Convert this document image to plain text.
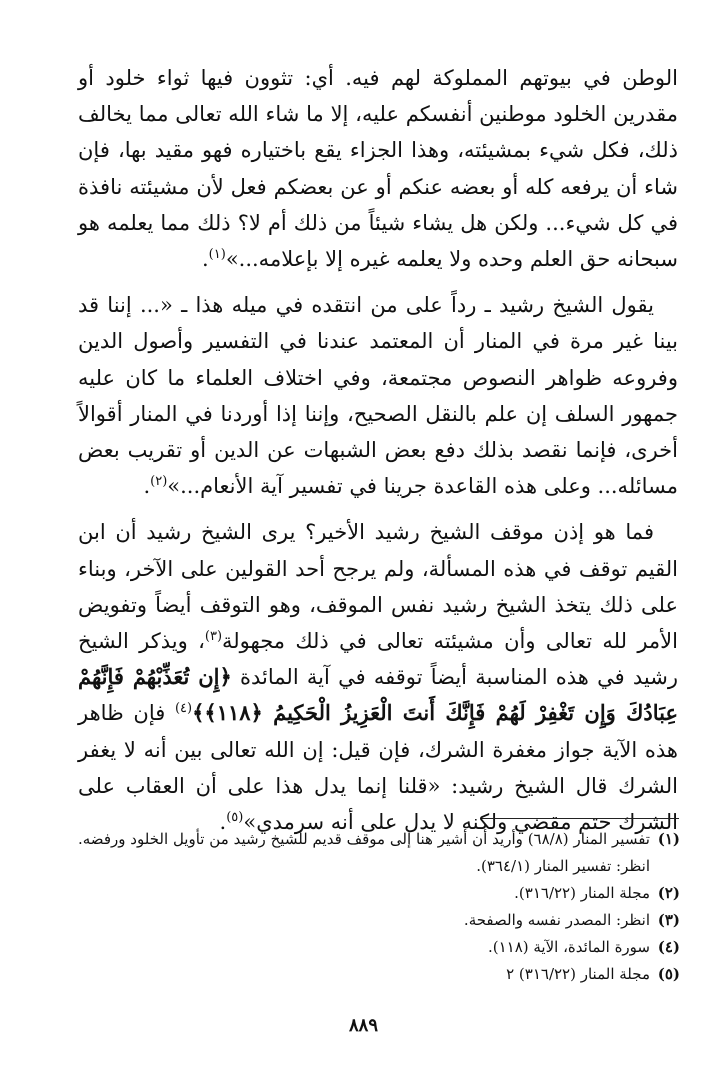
الوطن في بيوتهم المملوكة لهم فيه. أي: تثوون فيها ثواء خلود أو مقدرين الخلود موطنين أنفسكم عليه، إلا ما شاء الله تعالى مما يخالف ذلك، فكل شيء بمشيئته، وهذا الجزاء يقع باختياره فهو مقيد بها، فإن شاء أن يرفعه كله أو بعضه عنكم أو عن بعضكم فعل لأن مشيئته نافذة في كل شيء... ولكن هل يشاء شيئاً من ذلك أم لا؟ ذلك مما يعلمه هو سبحانه حق العلم وحده ولا يعلمه غيره إلا بإعلامه...»$^{(١)}$.

يقول الشيخ رشيد ـ رداً على من انتقده في ميله هذا ـ «... إننا قد بينا غير مرة في المنار أن المعتمد عندنا في التفسير وأصول الدين وفروعه ظواهر النصوص مجتمعة، وفي اختلاف العلماء ما كان عليه جمهور السلف إن علم بالنقل الصحيح، وإننا إذا أوردنا في المنار أقوالاً أخرى، فإنما نقصد بذلك دفع بعض الشبهات عن الدين أو تقريب بعض مسائله... وعلى هذه القاعدة جرينا في تفسير آية الأنعام...»$^{(٢)}$.

فما هو إذن موقف الشيخ رشيد الأخير؟ يرى الشيخ رشيد أن ابن القيم توقف في هذه المسألة، ولم يرجح أحد القولين على الآخر، وبناء على ذلك يتخذ الشيخ رشيد نفس الموقف، وهو التوقف أيضاً وتفويض الأمر لله تعالى وأن مشيئته تعالى في ذلك مجهولة$^{(٣)}$، ويذكر الشيخ رشيد في هذه المناسبة أيضاً توقفه في آية المائدة ﴿إِن تُعَذِّبْهُمْ فَإِنَّهُمْ عِبَادُكَ وَإِن تَغْفِرْ لَهُمْ فَإِنَّكَ أَنتَ الْعَزِيزُ الْحَكِيمُ ﴿١١٨﴾﴾$^{(٤)}$ فإن ظاهر هذه الآية جواز مغفرة الشرك، فإن قيل: إن الله تعالى بين أنه لا يغفر الشرك قال الشيخ رشيد: «قلنا إنما يدل هذا على أن العقاب على الشرك حتم مقضي ولكنه لا يدل على أنه سرمدي»$^{(٥)}$.

(١)
تفسير المنار (٦٨/٨) وأريد أن أشير هنا إلى موقف قديم للشيخ رشيد من تأويل الخلود ورفضه. انظر: تفسير المنار (٣٦٤/١).
(٢)
مجلة المنار (٣١٦/٢٢).
(٣)
انظر: المصدر نفسه والصفحة.
(٤)
سورة المائدة، الآية (١١٨).
(٥)
مجلة المنار (٣١٦/٢٢) ٢
٨٨٩
